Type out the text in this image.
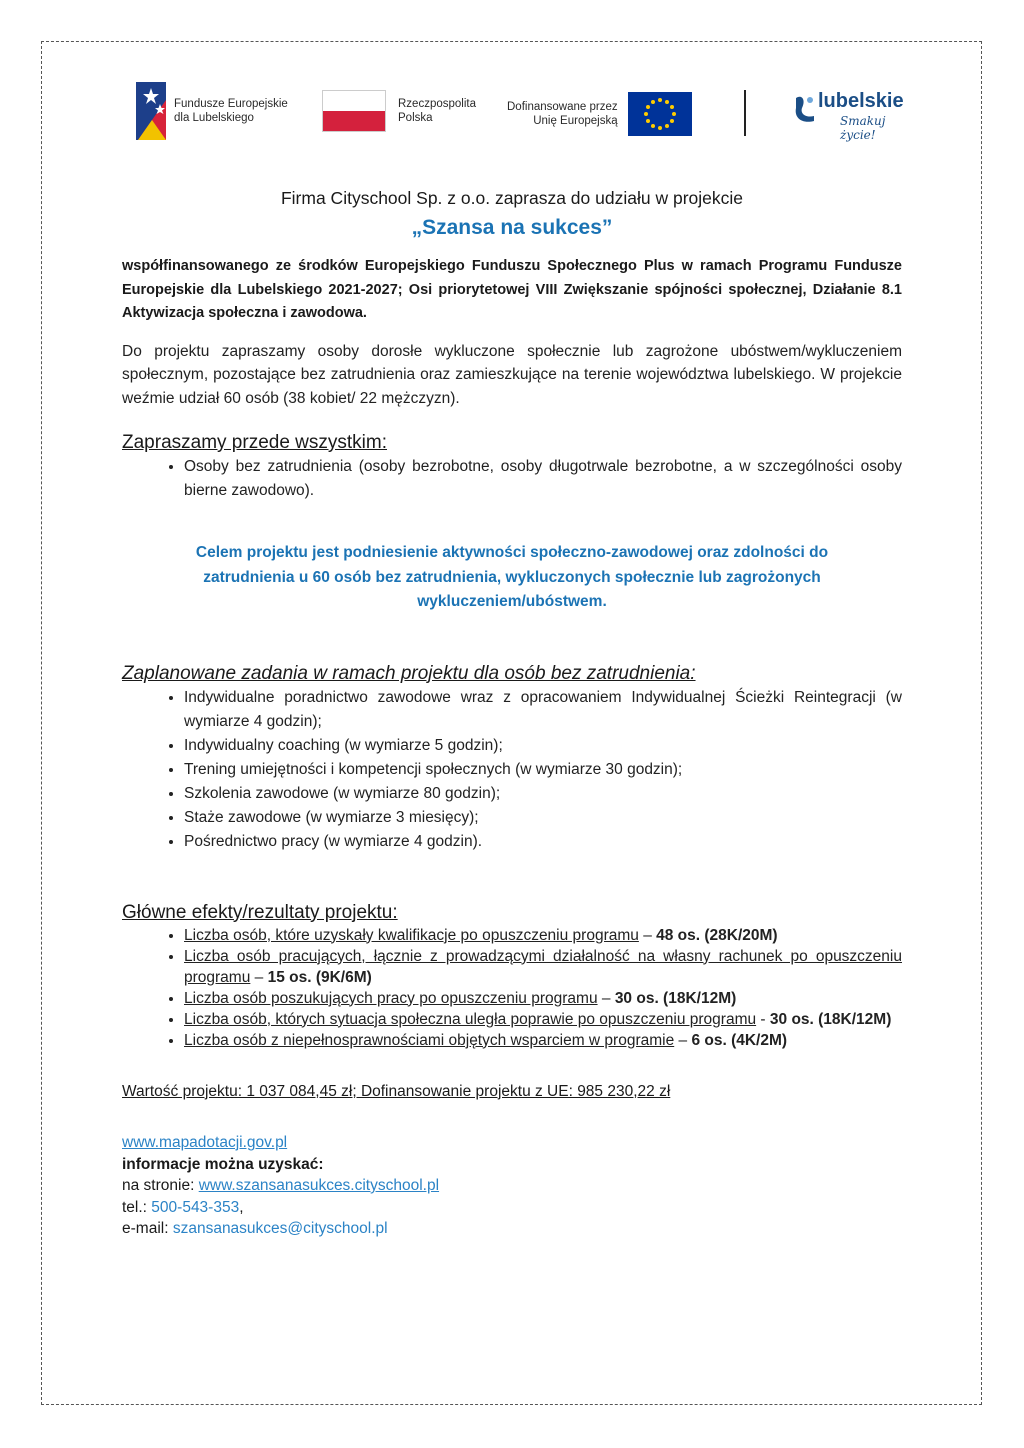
Fundusze Europejskie
dla Lubelskiego
Rzeczpospolita
Polska
Dofinansowane przez
Unię Europejską
lubelskie
Smakuj życie!

Firma Cityschool Sp. z o.o. zaprasza do udziału w projekcie

„Szansa na sukces”

współfinansowanego ze środków Europejskiego Funduszu Społecznego Plus w ramach Programu Fundusze Europejskie dla Lubelskiego 2021-2027; Osi priorytetowej VIII Zwiększanie spójności społecznej, Działanie 8.1 Aktywizacja społeczna i zawodowa.

Do projektu zapraszamy osoby dorosłe wykluczone społecznie lub zagrożone ubóstwem/wykluczeniem społecznym, pozostające bez zatrudnienia oraz zamieszkujące na terenie województwa lubelskiego. W projekcie weźmie udział 60 osób (38 kobiet/ 22 mężczyzn).

Zapraszamy przede wszystkim:
• Osoby bez zatrudnienia (osoby bezrobotne, osoby długotrwale bezrobotne, a w szczególności osoby bierne zawodowo).

Celem projektu jest podniesienie aktywności społeczno-zawodowej oraz zdolności do

zatrudnienia u 60 osób bez zatrudnienia, wykluczonych społecznie lub zagrożonych

wykluczeniem/ubóstwem.

Zaplanowane zadania w ramach projektu dla osób bez zatrudnienia:
• Indywidualne poradnictwo zawodowe wraz z opracowaniem Indywidualnej Ścieżki Reintegracji (w wymiarze 4 godzin);
• Indywidualny coaching (w wymiarze 5 godzin);
• Trening umiejętności i kompetencji społecznych (w wymiarze 30 godzin);
• Szkolenia zawodowe (w wymiarze 80 godzin);
• Staże zawodowe (w wymiarze 3 miesięcy);
• Pośrednictwo pracy (w wymiarze 4 godzin).
Główne efekty/rezultaty projektu:
• Liczba osób, które uzyskały kwalifikacje po opuszczeniu programu – 48 os. (28K/20M)
• Liczba osób pracujących, łącznie z prowadzącymi działalność na własny rachunek po opuszczeniu programu – 15 os. (9K/6M)
• Liczba osób poszukujących pracy po opuszczeniu programu – 30 os. (18K/12M)
• Liczba osób, których sytuacja społeczna uległa poprawie po opuszczeniu programu - 30 os. (18K/12M)
• Liczba osób z niepełnosprawnościami objętych wsparciem w programie – 6 os. (4K/2M)

Wartość projektu: 1 037 084,45 zł; Dofinansowanie projektu z UE: 985 230,22 zł

www.mapadotacji.gov.pl
informacje można uzyskać:
na stronie: www.szansanasukces.cityschool.pl
tel.: 500-543-353,
e-mail: szansanasukces@cityschool.pl
